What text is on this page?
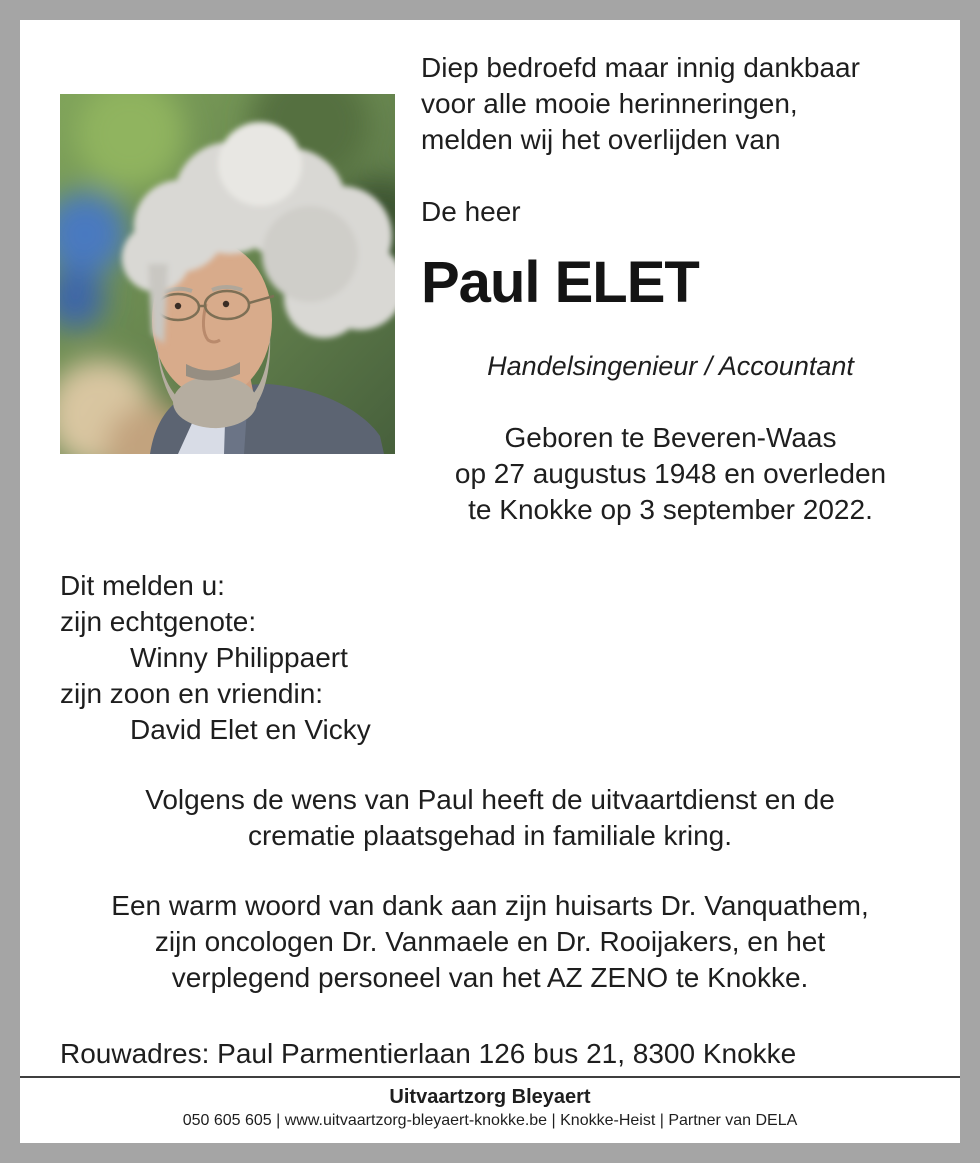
Diep bedroefd maar innig dankbaar
voor alle mooie herinneringen,
melden wij het overlijden van
De heer
Paul ELET
Handelsingenieur / Accountant
Geboren te Beveren-Waas
op 27 augustus 1948 en overleden
te Knokke op 3 september 2022.
Dit melden u:
zijn echtgenote:
Winny Philippaert
zijn zoon en vriendin:
David Elet en Vicky
Volgens de wens van Paul heeft de uitvaartdienst en de
crematie plaatsgehad in familiale kring.
Een warm woord van dank aan zijn huisarts Dr. Vanquathem,
zijn oncologen Dr. Vanmaele en Dr. Rooijakers, en het
verplegend personeel van het AZ ZENO te Knokke.
Rouwadres: Paul Parmentierlaan 126 bus 21, 8300 Knokke
Uitvaartzorg Bleyaert
050 605 605 | www.uitvaartzorg-bleyaert-knokke.be | Knokke-Heist | Partner van DELA
